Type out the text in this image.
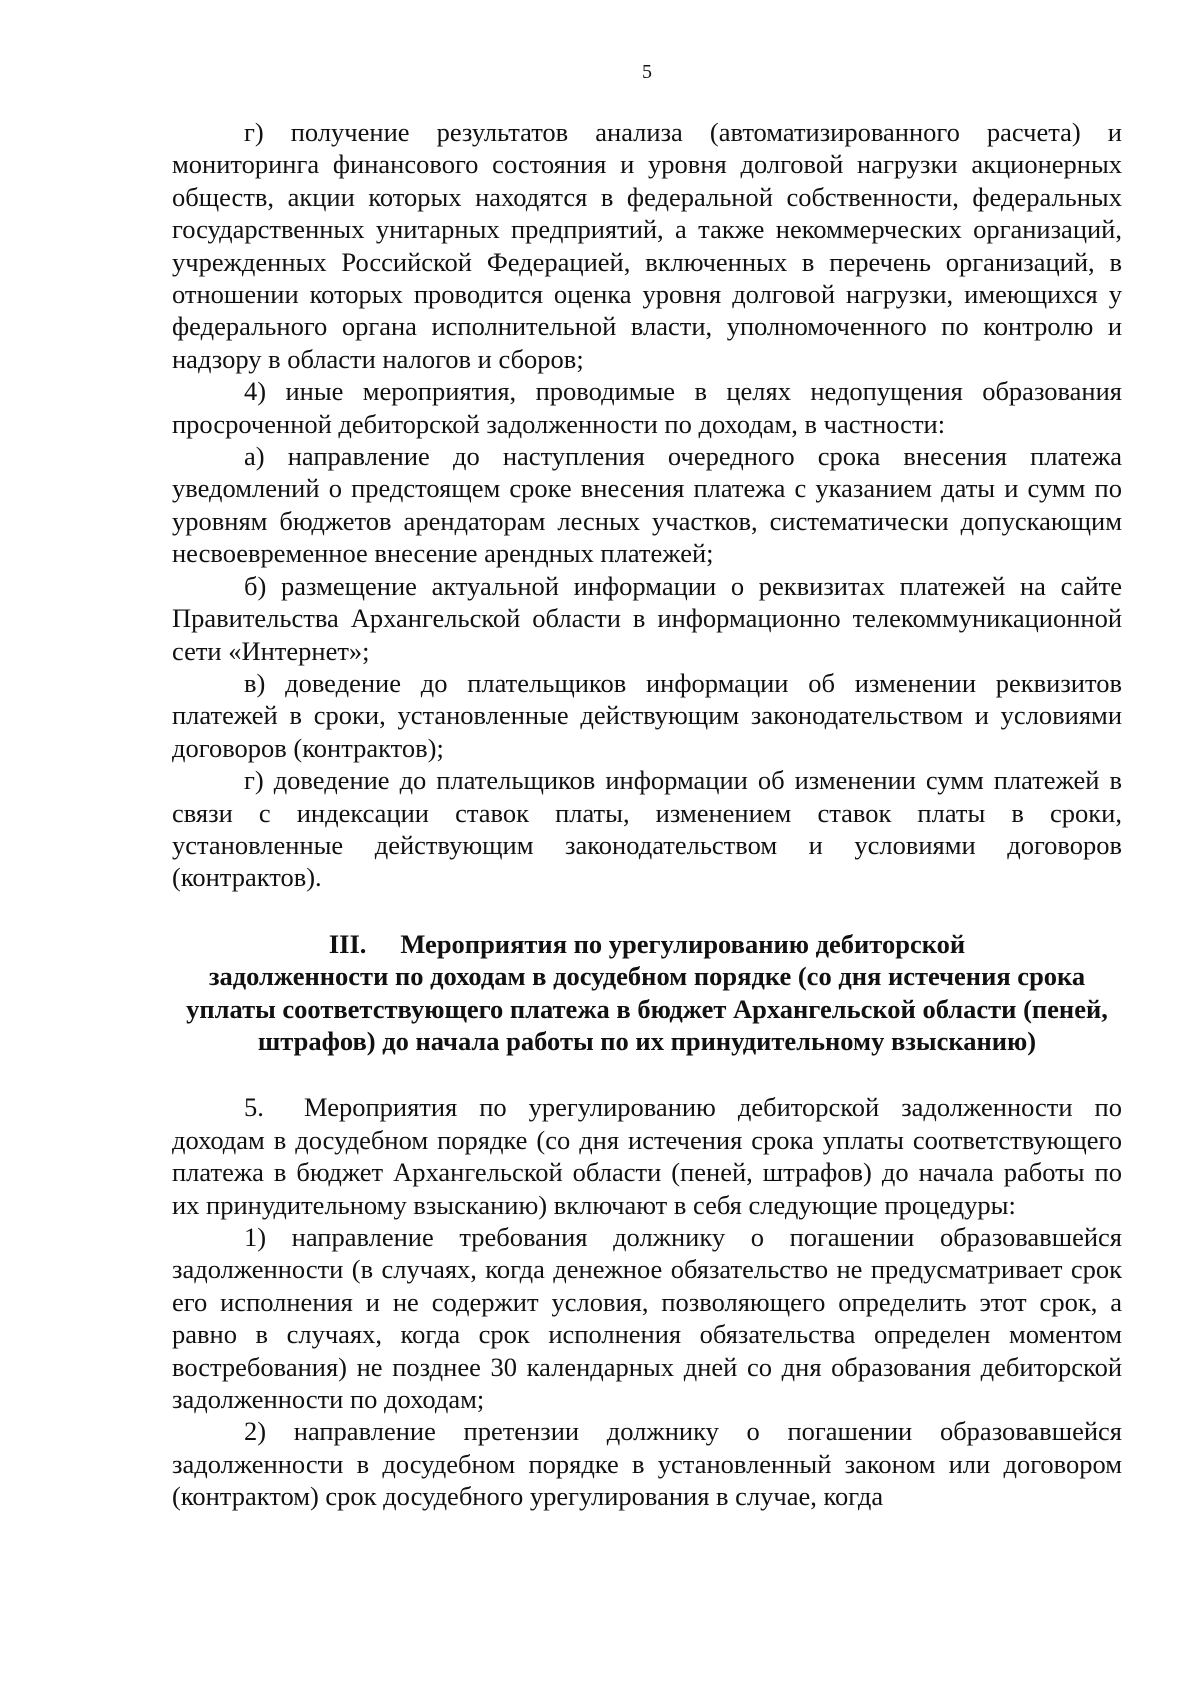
5

г) получение результатов анализа (автоматизированного расчета) и мониторинга финансового состояния и уровня долговой нагрузки акционерных обществ, акции которых находятся в федеральной собственности, федеральных государственных унитарных предприятий, а также некоммерческих организаций, учрежденных Российской Федерацией, включенных в перечень организаций, в отношении которых проводится оценка уровня долговой нагрузки, имеющихся у федерального органа исполнительной власти, уполномоченного по контролю и надзору в области налогов и сборов;

4) иные мероприятия, проводимые в целях недопущения образования просроченной дебиторской задолженности по доходам, в частности:

а) направление до наступления очередного срока внесения платежа уведомлений о предстоящем сроке внесения платежа с указанием даты и сумм по уровням бюджетов арендаторам лесных участков, систематически допускающим несвоевременное внесение арендных платежей;

б) размещение актуальной информации о реквизитах платежей на сайте Правительства Архангельской области в информационно телекоммуникационной сети «Интернет»;

в) доведение до плательщиков информации об изменении реквизитов платежей в сроки, установленные действующим законодательством и условиями договоров (контрактов);

г) доведение до плательщиков информации об изменении сумм платежей в связи с индексации ставок платы, изменением ставок платы в сроки, установленные действующим законодательством и условиями договоров (контрактов).

III. Мероприятия по урегулированию дебиторской
задолженности по доходам в досудебном порядке (со дня истечения срока уплаты соответствующего платежа в бюджет Архангельской области (пеней, штрафов) до начала работы по их принудительному взысканию)

5. Мероприятия по урегулированию дебиторской задолженности по доходам в досудебном порядке (со дня истечения срока уплаты соответствующего платежа в бюджет Архангельской области (пеней, штрафов) до начала работы по их принудительному взысканию) включают в себя следующие процедуры:

1) направление требования должнику о погашении образовавшейся задолженности (в случаях, когда денежное обязательство не предусматривает срок его исполнения и не содержит условия, позволяющего определить этот срок, а равно в случаях, когда срок исполнения обязательства определен моментом востребования) не позднее 30 календарных дней со дня образования дебиторской задолженности по доходам;

2) направление претензии должнику о погашении образовавшейся задолженности в досудебном порядке в установленный законом или договором (контрактом) срок досудебного урегулирования в случае, когда
